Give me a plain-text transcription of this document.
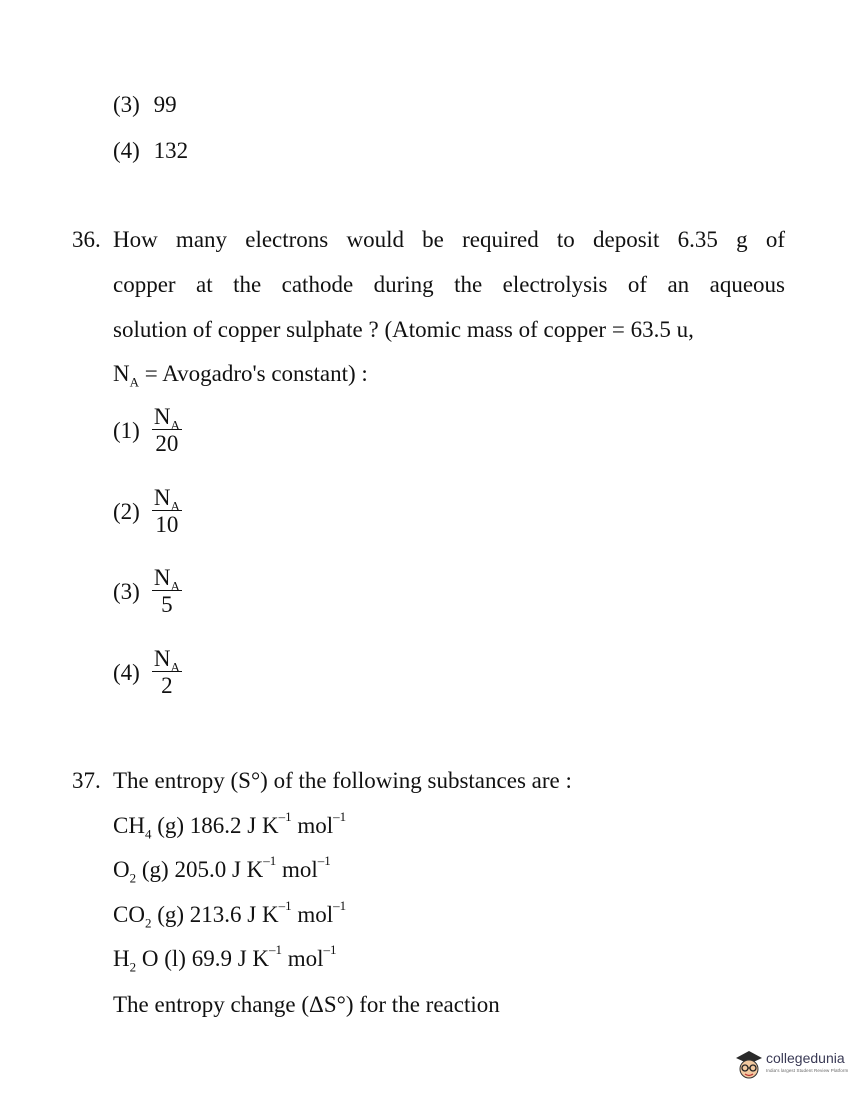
(3) 99
(4) 132
36. How many electrons would be required to deposit 6.35 g of
copper at the cathode during the electrolysis of an aqueous
solution of copper sulphate ? (Atomic mass of copper = 63.5 u,
$N_A$ = Avogadro's constant) :
$(1) \frac{N_A}{20}$
$(2) \frac{N_A}{10}$
$(3) \frac{N_A}{5}$
$(4) \frac{N_A}{2}$
37. The entropy (S°) of the following substances are :
$CH_4$ (g) 186.2 J $K^{-1}$ mol$^{-1}$
$O_2$ (g) 205.0 J $K^{-1}$ mol$^{-1}$
$CO_2$ (g) 213.6 J $K^{-1}$ mol$^{-1}$
$H_2$ O (l) 69.9 J $K^{-1}$ mol$^{-1}$
The entropy change (ΔS°) for the reaction
collegedunia
India's largest Student Review Platform
